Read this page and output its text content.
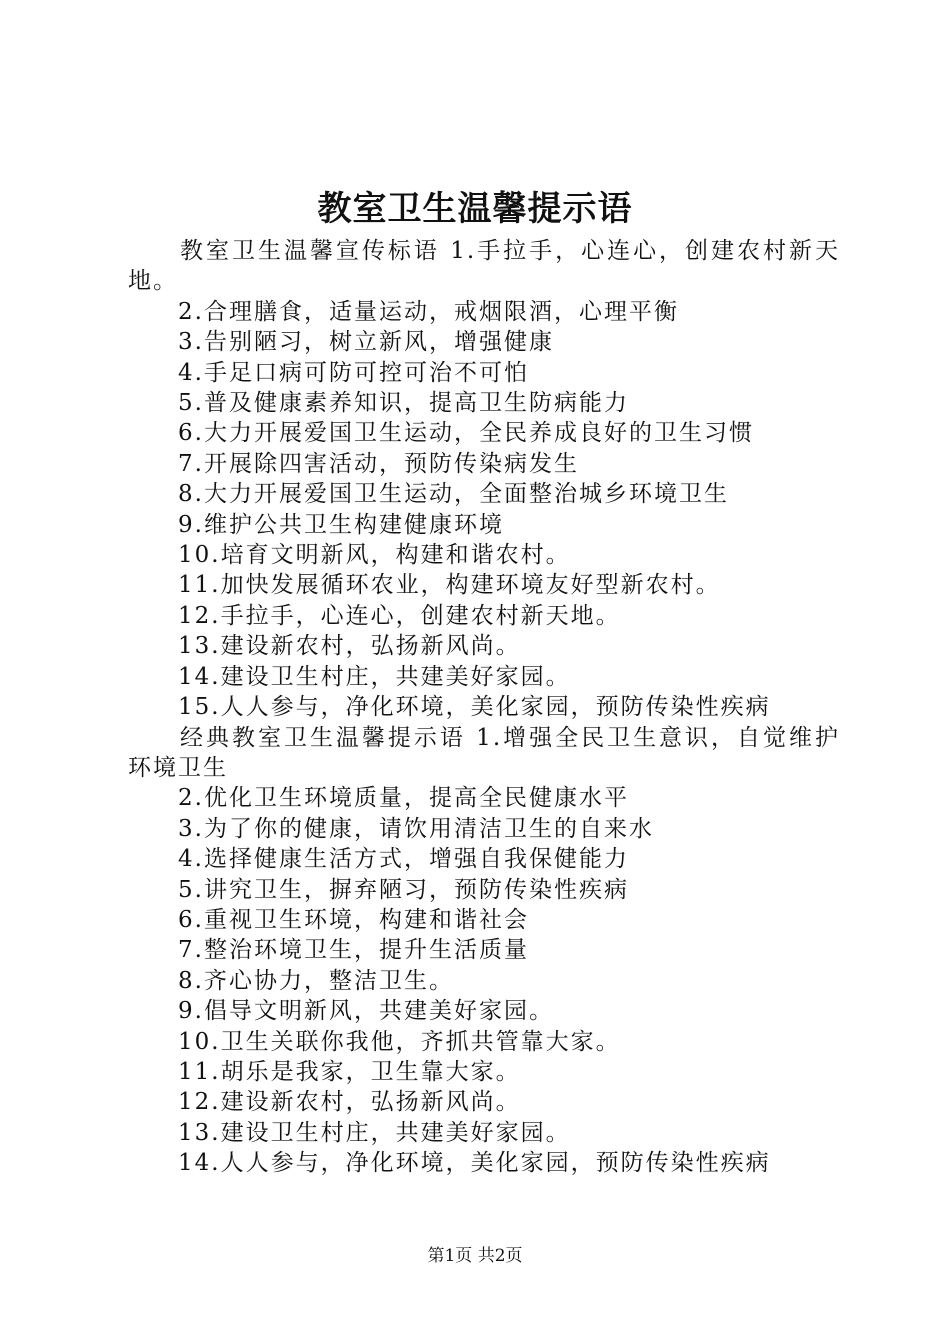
教室卫生温馨提示语

教室卫生温馨宣传标语 1.手拉手，心连心，创建农村新天地。

2.合理膳食，适量运动，戒烟限酒，心理平衡

3.告别陋习，树立新风，增强健康

4.手足口病可防可控可治不可怕

5.普及健康素养知识，提高卫生防病能力

6.大力开展爱国卫生运动，全民养成良好的卫生习惯

7.开展除四害活动，预防传染病发生

8.大力开展爱国卫生运动，全面整治城乡环境卫生

9.维护公共卫生构建健康环境

10.培育文明新风，构建和谐农村。

11.加快发展循环农业，构建环境友好型新农村。

12.手拉手，心连心，创建农村新天地。

13.建设新农村，弘扬新风尚。

14.建设卫生村庄，共建美好家园。

15.人人参与，净化环境，美化家园，预防传染性疾病

经典教室卫生温馨提示语 1.增强全民卫生意识，自觉维护环境卫生

2.优化卫生环境质量，提高全民健康水平

3.为了你的健康，请饮用清洁卫生的自来水

4.选择健康生活方式，增强自我保健能力

5.讲究卫生，摒弃陋习，预防传染性疾病

6.重视卫生环境，构建和谐社会

7.整治环境卫生，提升生活质量

8.齐心协力，整洁卫生。

9.倡导文明新风，共建美好家园。

10.卫生关联你我他，齐抓共管靠大家。

11.胡乐是我家，卫生靠大家。

12.建设新农村，弘扬新风尚。

13.建设卫生村庄，共建美好家园。

14.人人参与，净化环境，美化家园，预防传染性疾病

第1页 共2页
